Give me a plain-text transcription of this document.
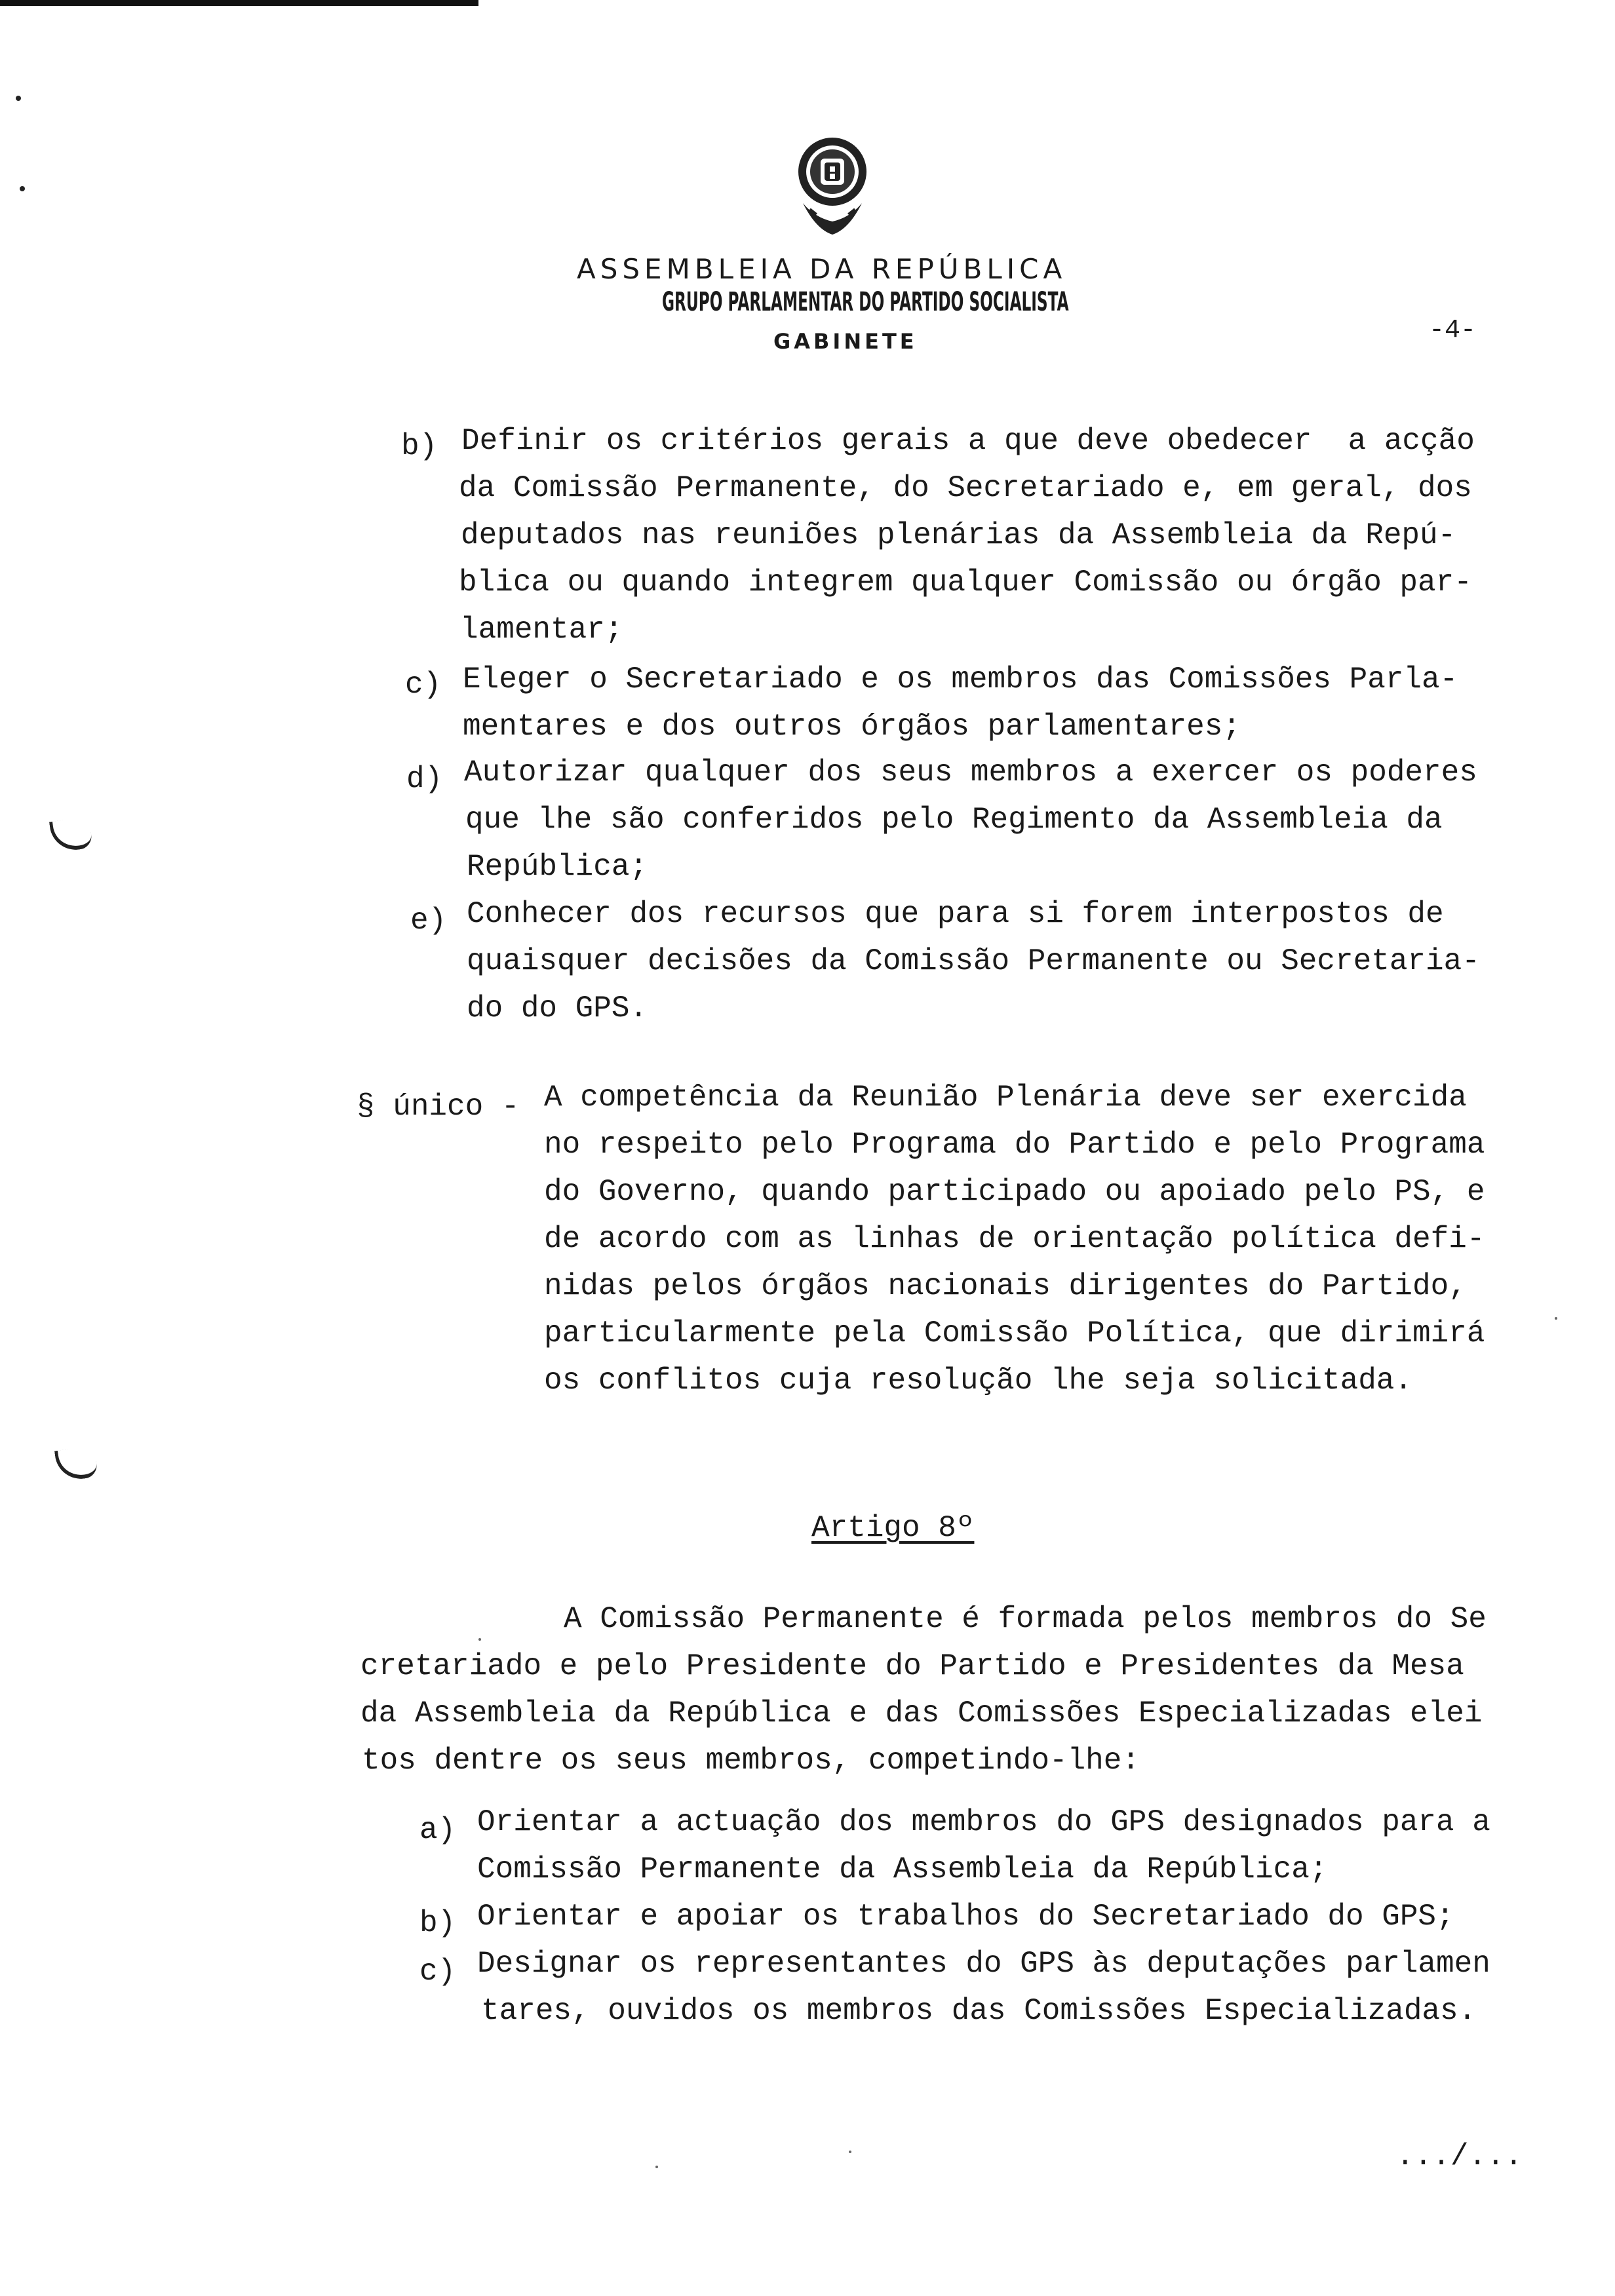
ASSEMBLEIA DA REPÚBLICA
GRUPO PARLAMENTAR DO PARTIDO SOCIALISTA
GABINETE	-4-
b) Definir os critérios gerais a que deve obedecer  a acção
da Comissão Permanente, do Secretariado e, em geral, dos
deputados nas reuniões plenárias da Assembleia da Repú-
blica ou quando integrem qualquer Comissão ou órgão par-
lamentar;
c) Eleger o Secretariado e os membros das Comissões Parla-
mentares e dos outros órgãos parlamentares;
d) Autorizar qualquer dos seus membros a exercer os poderes
que lhe são conferidos pelo Regimento da Assembleia da
República;
e) Conhecer dos recursos que para si forem interpostos de
quaisquer decisões da Comissão Permanente ou Secretaria-
do do GPS.
§ único - A competência da Reunião Plenária deve ser exercida
no respeito pelo Programa do Partido e pelo Programa
do Governo, quando participado ou apoiado pelo PS, e
de acordo com as linhas de orientação política defi-
nidas pelos órgãos nacionais dirigentes do Partido,
particularmente pela Comissão Política, que dirimirá
os conflitos cuja resolução lhe seja solicitada.
Artigo 8º
A Comissão Permanente é formada pelos membros do Se
cretariado e pelo Presidente do Partido e Presidentes da Mesa
da Assembleia da República e das Comissões Especializadas elei
tos dentre os seus membros, competindo-lhe:
a) Orientar a actuação dos membros do GPS designados para a
Comissão Permanente da Assembleia da República;
b) Orientar e apoiar os trabalhos do Secretariado do GPS;
c) Designar os representantes do GPS às deputações parlamen
tares, ouvidos os membros das Comissões Especializadas.
.../...
